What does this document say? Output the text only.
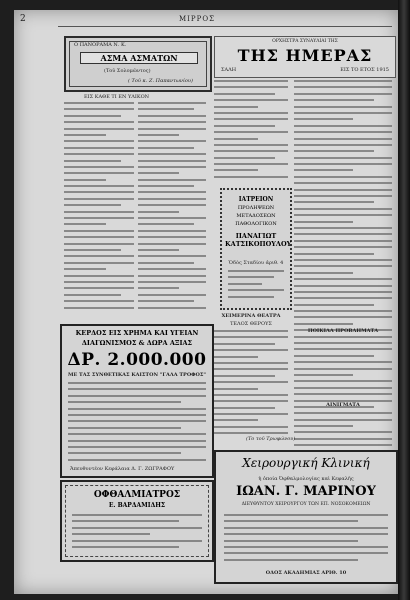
2	ΜΙΡΡΟΣ
Ο ΠΑΝΟΡΑΜΑ Ν. Κ.
ΑΣΜΑ ΑΣΜΑΤΩΝ
(Τοῦ Σολομῶντος)
( Τοῦ κ. Ζ. Παπαντωνίου)
ΕΙΣ ΚΑΘΕ ΤΙ ΕΝ ΥΛΙΚΟΝ
ΟΡΧΗΣΤΡΑ ΣΥΝΑΥΛΙΑΙ ΤΗΣ
ΤΗΣ ΗΜΕΡΑΣ
ΣΑΛΗ	ΕΙΣ ΤΟ ΕΤΟΣ 1915
ΙΑΤΡΕΙΟΝ
ΠΡΟΛΗΨΕΩΝ
ΜΕΤΑΔΟΣΕΩΝ
ΠΑΘΟΛΟΓΙΚΟΝ
ΠΑΝΑΓΙΩΤ ΚΑΤΣΙΚΟΠΟΥΛΟΥ
Ὁδὸς Σταδίου ἀριθ. 4
ΧΕΙΜΕΡΙΝΑ ΘΕΑΤΡΑ
ΤΕΛΟΣ ΘΕΡΟΥΣ
(Το τοῦ Τρωφώνου)
ΠΟΙΚΙΛΑ ΠΡΟΒΛΗΜΑΤΑ
ΑΙΝΙΓΜΑΤΑ
ΚΕΡΔΟΣ ΕΙΣ ΧΡΗΜΑ ΚΑΙ ΥΓΕΙΑΝ
ΔΙΑΓΩΝΙΣΜΟΣ & ΔΩΡΑ ΑΞΙΑΣ
ΔΡ. 2.000.000
ΜΕ ΤΑΣ ΣΥΝΘΕΤΙΚΑΣ ΚΑΙΣΤΟΝ "ΓΑΛΑ ΤΡΟΦΟΣ"
Ἀπευθυντέον Κεφάλαια Δ. Γ. ΖΩΓΡΑΦΟΥ
ΟΦΘΑΛΜΙΑΤΡΟΣ
Ε. ΒΑΡΔΑΜΙΔΗΣ
Χειρουργική Κλινική
ἡ ὁποία Ὀφθαλμολογίας καὶ Κεφαλῆς
ΙΩΑΝ. Γ. ΜΑΡΙΝΟΥ
ΔΙΕΥΘΥΝΤΟΥ ΧΕΙΡΟΥΡΓΟΥ ΤΩΝ ΕΠ. ΝΟΣΟΚΟΜΕΙΩΝ
ΟΔΟΣ ΑΚΑΔΗΜΙΑΣ ΑΡΙΘ. 10
